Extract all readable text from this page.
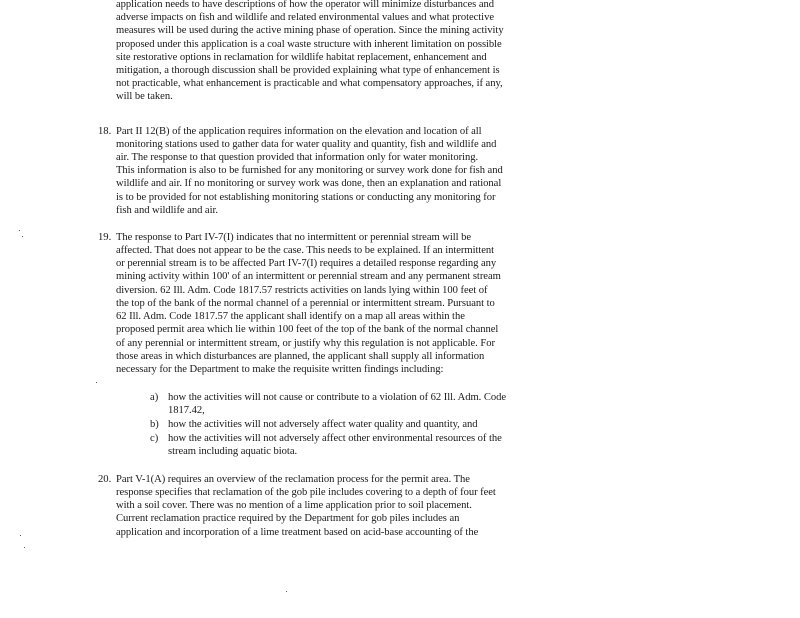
application needs to have descriptions of how the operator will minimize disturbances and
adverse impacts on fish and wildlife and related environmental values and what protective
measures will be used during the active mining phase of operation. Since the mining activity
proposed under this application is a coal waste structure with inherent limitation on possible
site restorative options in reclamation for wildlife habitat replacement, enhancement and
mitigation, a thorough discussion shall be provided explaining what type of enhancement is
not practicable, what enhancement is practicable and what compensatory approaches, if any,
will be taken.
18. Part II 12(B) of the application requires information on the elevation and location of all
monitoring stations used to gather data for water quality and quantity, fish and wildlife and
air. The response to that question provided that information only for water monitoring.
This information is also to be furnished for any monitoring or survey work done for fish and
wildlife and air. If no monitoring or survey work was done, then an explanation and rational
is to be provided for not establishing monitoring stations or conducting any monitoring for
fish and wildlife and air.
19. The response to Part IV-7(I) indicates that no intermittent or perennial stream will be
affected. That does not appear to be the case. This needs to be explained. If an intermittent
or perennial stream is to be affected Part IV-7(I) requires a detailed response regarding any
mining activity within 100' of an intermittent or perennial stream and any permanent stream
diversion. 62 Ill. Adm. Code 1817.57 restricts activities on lands lying within 100 feet of
the top of the bank of the normal channel of a perennial or intermittent stream. Pursuant to
62 Ill. Adm. Code 1817.57 the applicant shall identify on a map all areas within the
proposed permit area which lie within 100 feet of the top of the bank of the normal channel
of any perennial or intermittent stream, or justify why this regulation is not applicable. For
those areas in which disturbances are planned, the applicant shall supply all information
necessary for the Department to make the requisite written findings including:
a) how the activities will not cause or contribute to a violation of 62 Ill. Adm. Code
1817.42,
b) how the activities will not adversely affect water quality and quantity, and
c) how the activities will not adversely affect other environmental resources of the
stream including aquatic biota.
20. Part V-1(A) requires an overview of the reclamation process for the permit area. The
response specifies that reclamation of the gob pile includes covering to a depth of four feet
with a soil cover. There was no mention of a lime application prior to soil placement.
Current reclamation practice required by the Department for gob piles includes an
application and incorporation of a lime treatment based on acid-base accounting of the
